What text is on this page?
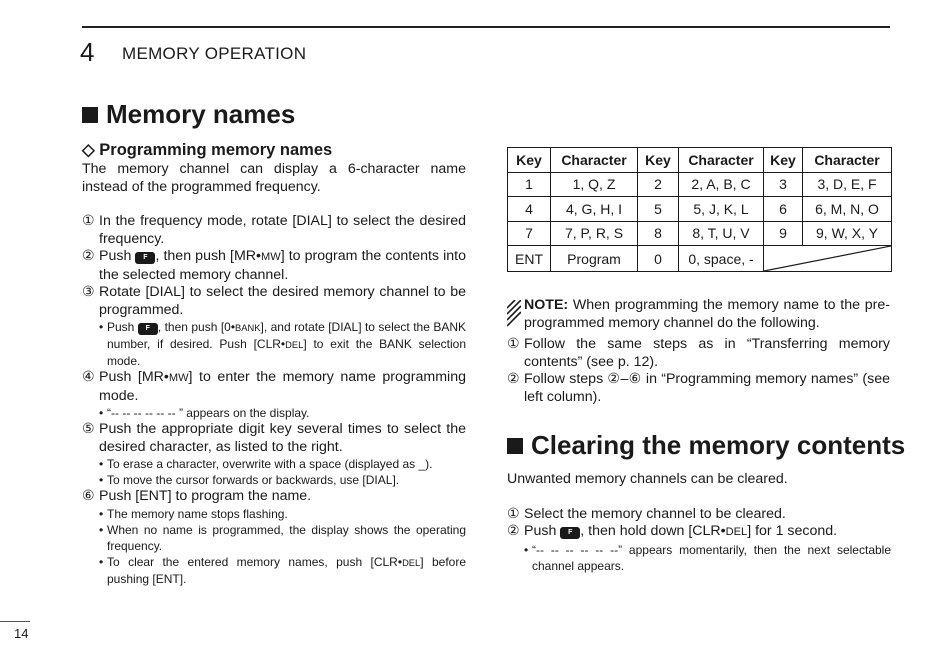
4 MEMORY OPERATION
Memory names
◇ Programming memory names
The memory channel can display a 6-character name instead of the programmed frequency.
① In the frequency mode, rotate [DIAL] to select the desired frequency.
② Push F , then push [MR•MW] to program the contents into the selected memory channel.
③ Rotate [DIAL] to select the desired memory channel to be programmed.
• Push F , then push [0•BANK], and rotate [DIAL] to select the BANK number, if desired. Push [CLR•DEL] to exit the BANK selection mode.
④ Push [MR•MW] to enter the memory name programming mode.
• “-- -- -- -- -- -- ” appears on the display.
⑤ Push the appropriate digit key several times to select the desired character, as listed to the right.
• To erase a character, overwrite with a space (displayed as _).
• To move the cursor forwards or backwards, use [DIAL].
⑥ Push [ENT] to program the name.
• The memory name stops flashing.
• When no name is programmed, the display shows the operating frequency.
• To clear the entered memory names, push [CLR•DEL] before pushing [ENT].
Key	Character	Key	Character	Key	Character
1	1, Q, Z	2	2, A, B, C	3	3, D, E, F
4	4, G, H, I	5	5, J, K, L	6	6, M, N, O
7	7, P, R, S	8	8, T, U, V	9	9, W, X, Y
ENT	Program	0	0, space, -	
NOTE: When programming the memory name to the pre-programmed memory channel do the following.
① Follow the same steps as in “Transferring memory contents” (see p. 12).
② Follow steps ②–⑥ in “Programming memory names” (see left column).
Clearing the memory contents
Unwanted memory channels can be cleared.
① Select the memory channel to be cleared.
② Push F , then hold down [CLR•DEL] for 1 second.
• “-- -- -- -- -- --” appears momentarily, then the next selectable channel appears.
14
